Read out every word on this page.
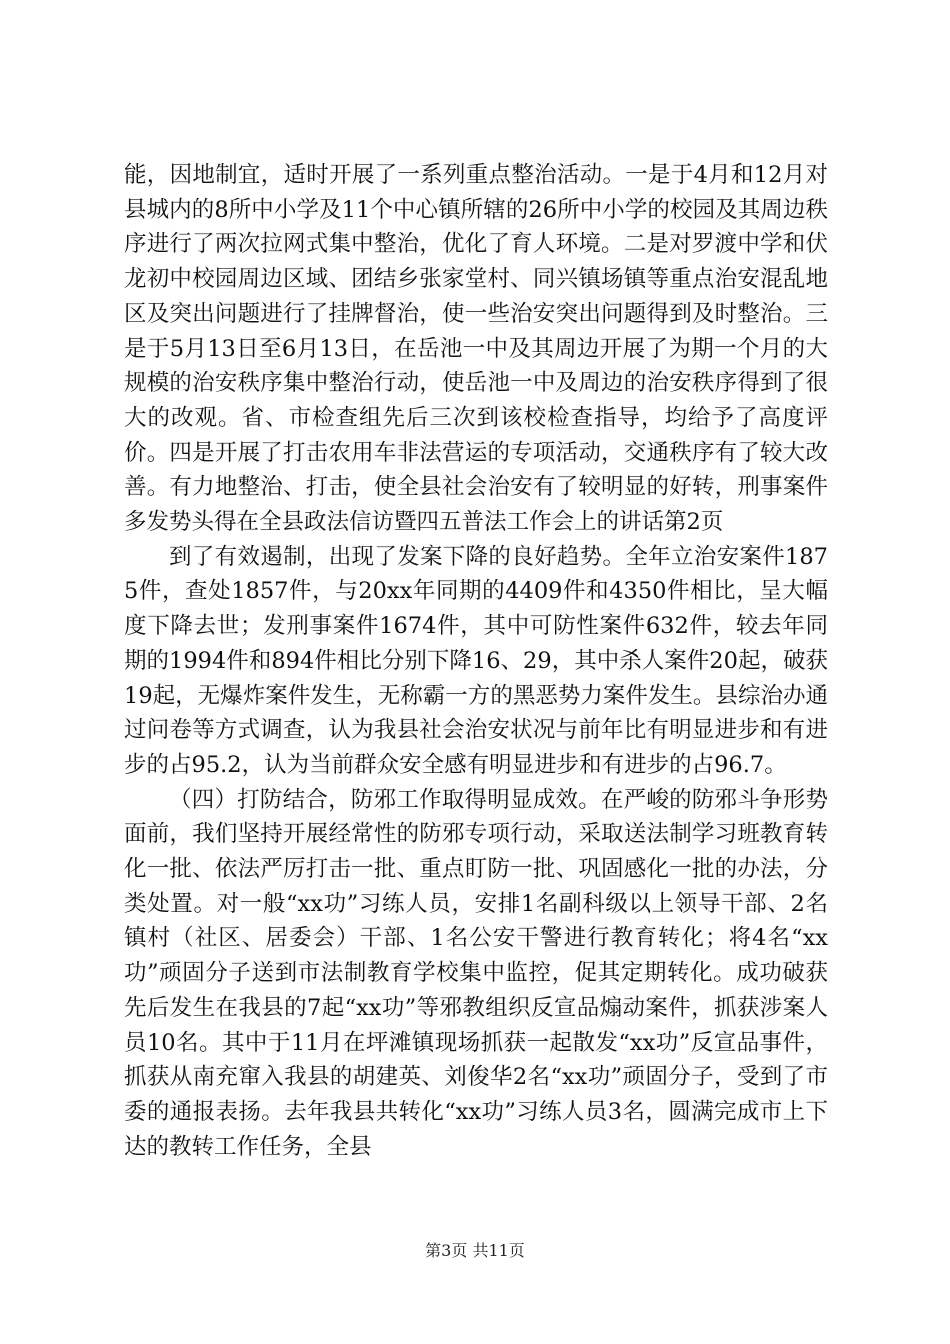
能，因地制宜，适时开展了一系列重点整治活动。一是于4月和12月对县城内的8所中小学及11个中心镇所辖的26所中小学的校园及其周边秩序进行了两次拉网式集中整治，优化了育人环境。二是对罗渡中学和伏龙初中校园周边区域、团结乡张家堂村、同兴镇场镇等重点治安混乱地区及突出问题进行了挂牌督治，使一些治安突出问题得到及时整治。三是于5月13日至6月13日，在岳池一中及其周边开展了为期一个月的大规模的治安秩序集中整治行动，使岳池一中及周边的治安秩序得到了很大的改观。省、市检查组先后三次到该校检查指导，均给予了高度评价。四是开展了打击农用车非法营运的专项活动，交通秩序有了较大改善。有力地整治、打击，使全县社会治安有了较明显的好转，刑事案件多发势头得在全县政法信访暨四五普法工作会上的讲话第2页

到了有效遏制，出现了发案下降的良好趋势。全年立治安案件1875件，查处1857件，与20xx年同期的4409件和4350件相比，呈大幅度下降去世；发刑事案件1674件，其中可防性案件632件，较去年同期的1994件和894件相比分别下降16、29，其中杀人案件20起，破获19起，无爆炸案件发生，无称霸一方的黑恶势力案件发生。县综治办通过问卷等方式调查，认为我县社会治安状况与前年比有明显进步和有进步的占95.2，认为当前群众安全感有明显进步和有进步的占96.7。

（四）打防结合，防邪工作取得明显成效。在严峻的防邪斗争形势面前，我们坚持开展经常性的防邪专项行动，采取送法制学习班教育转化一批、依法严厉打击一批、重点盯防一批、巩固感化一批的办法，分类处置。对一般“xx功”习练人员，安排1名副科级以上领导干部、2名镇村（社区、居委会）干部、1名公安干警进行教育转化；将4名“xx功”顽固分子送到市法制教育学校集中监控，促其定期转化。成功破获先后发生在我县的7起“xx功”等邪教组织反宣品煽动案件，抓获涉案人员10名。其中于11月在坪滩镇现场抓获一起散发“xx功”反宣品事件，抓获从南充窜入我县的胡建英、刘俊华2名“xx功”顽固分子，受到了市委的通报表扬。去年我县共转化“xx功”习练人员3名，圆满完成市上下达的教转工作任务，全县

第3页 共11页
